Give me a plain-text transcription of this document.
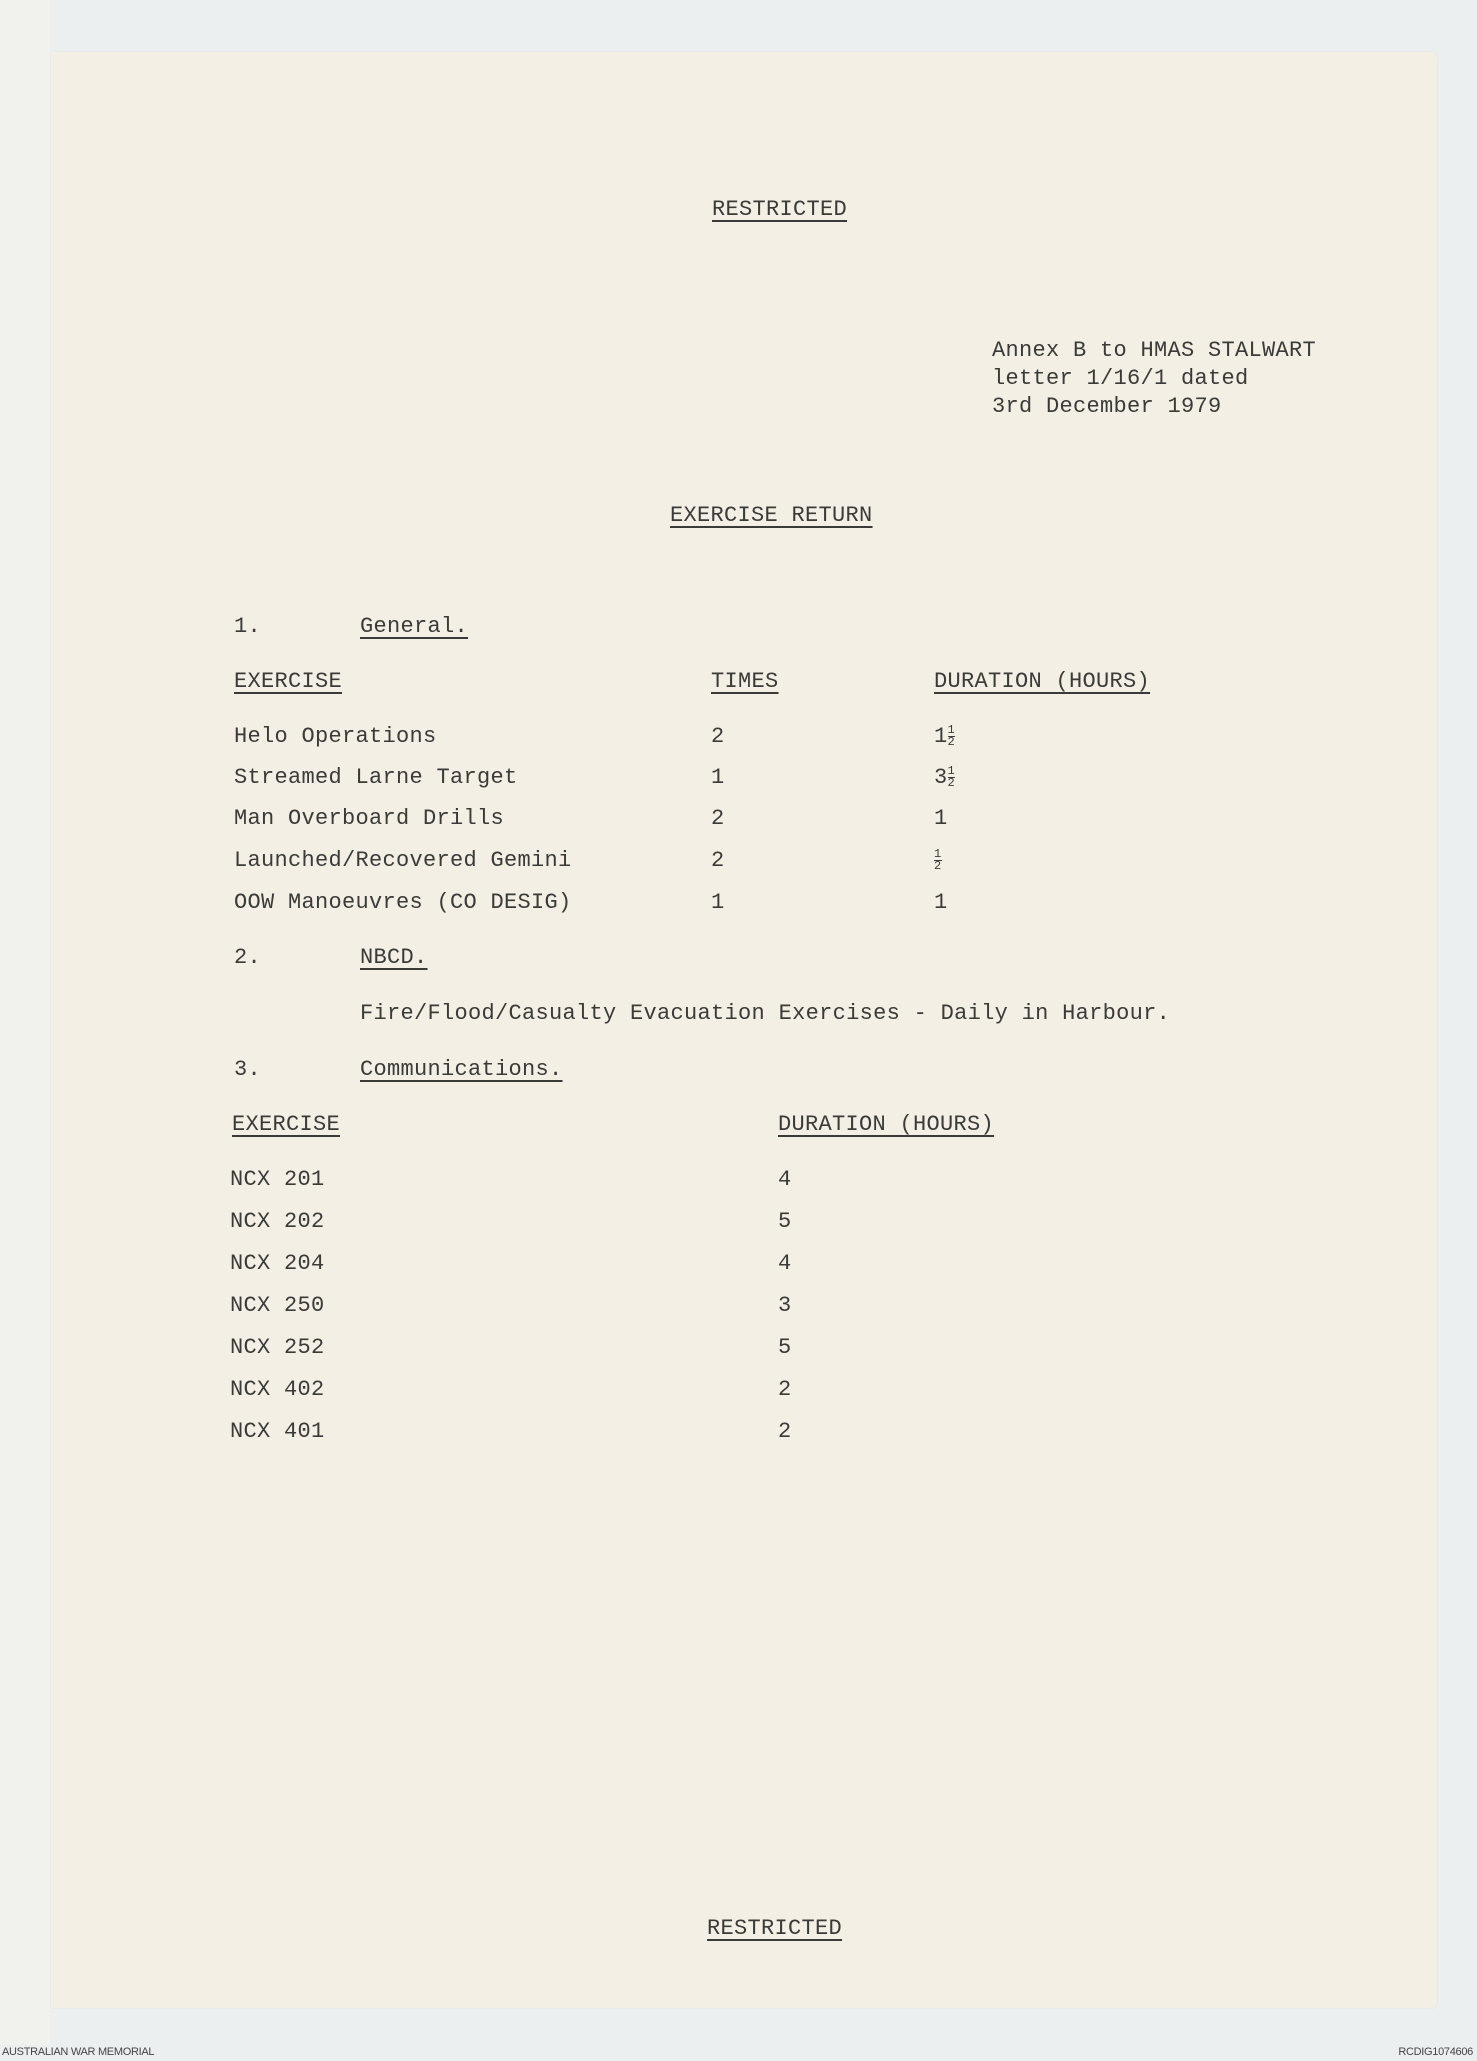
RESTRICTED
Annex B to HMAS STALWART
letter 1/16/1 dated
3rd December 1979
EXERCISE RETURN
1.	General.
EXERCISE	TIMES	DURATION (HOURS)
Helo Operations	2	$1 \frac{1}{2}$
Streamed Larne Target	1	$3 \frac{1}{2}$
Man Overboard Drills	2	1
Launched/Recovered Gemini	2	$\frac{1}{2}$
OOW Manoeuvres (CO DESIG)	1	1
2.	NBCD.
Fire/Flood/Casualty Evacuation Exercises - Daily in Harbour.
3.	Communications.
EXERCISE	DURATION (HOURS)
NCX 201	4
NCX 202	5
NCX 204	4
NCX 250	3
NCX 252	5
NCX 402	2
NCX 401	2
RESTRICTED
AUSTRALIAN WAR MEMORIAL	RCDIG1074606
